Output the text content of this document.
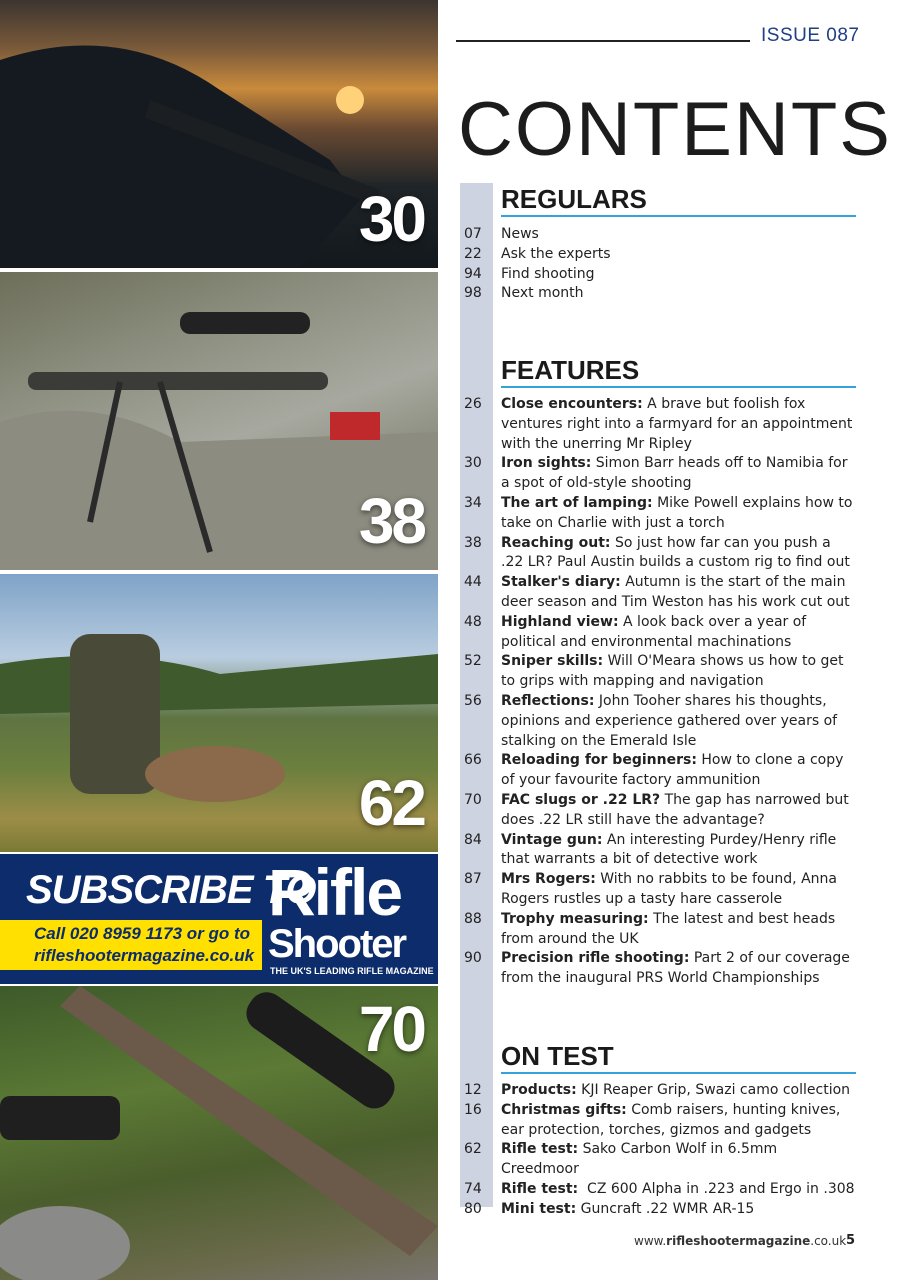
30
38
62
SUBSCRIBE TO
Call 020 8959 1173 or go to
rifleshootermagazine.co.uk
Rifle
Shooter
THE UK'S LEADING RIFLE MAGAZINE
70
ISSUE 087
CONTENTS
REGULARS
07	News
22	Ask the experts
94	Find shooting
98	Next month
FEATURES
26	Close encounters: A brave but foolish fox ventures right into a farmyard for an appointment with the unerring Mr Ripley
30	Iron sights: Simon Barr heads off to Namibia for a spot of old-style shooting
34	The art of lamping: Mike Powell explains how to take on Charlie with just a torch
38	Reaching out: So just how far can you push a .22 LR? Paul Austin builds a custom rig to find out
44	Stalker's diary: Autumn is the start of the main deer season and Tim Weston has his work cut out
48	Highland view: A look back over a year of political and environmental machinations
52	Sniper skills: Will O'Meara shows us how to get to grips with mapping and navigation
56	Reflections: John Tooher shares his thoughts, opinions and experience gathered over years of stalking on the Emerald Isle
66	Reloading for beginners: How to clone a copy of your favourite factory ammunition
70	FAC slugs or .22 LR? The gap has narrowed but does .22 LR still have the advantage?
84	Vintage gun: An interesting Purdey/Henry rifle that warrants a bit of detective work
87	Mrs Rogers: With no rabbits to be found, Anna Rogers rustles up a tasty hare casserole
88	Trophy measuring: The latest and best heads from around the UK
90	Precision rifle shooting: Part 2 of our coverage from the inaugural PRS World Championships
ON TEST
12	Products: KJI Reaper Grip, Swazi camo collection
16	Christmas gifts: Comb raisers, hunting knives, ear protection, torches, gizmos and gadgets
62	Rifle test: Sako Carbon Wolf in 6.5mm Creedmoor
74	Rifle test:  CZ 600 Alpha in .223 and Ergo in .308
80	Mini test: Guncraft .22 WMR AR-15
www.rifleshootermagazine.co.uk 5
